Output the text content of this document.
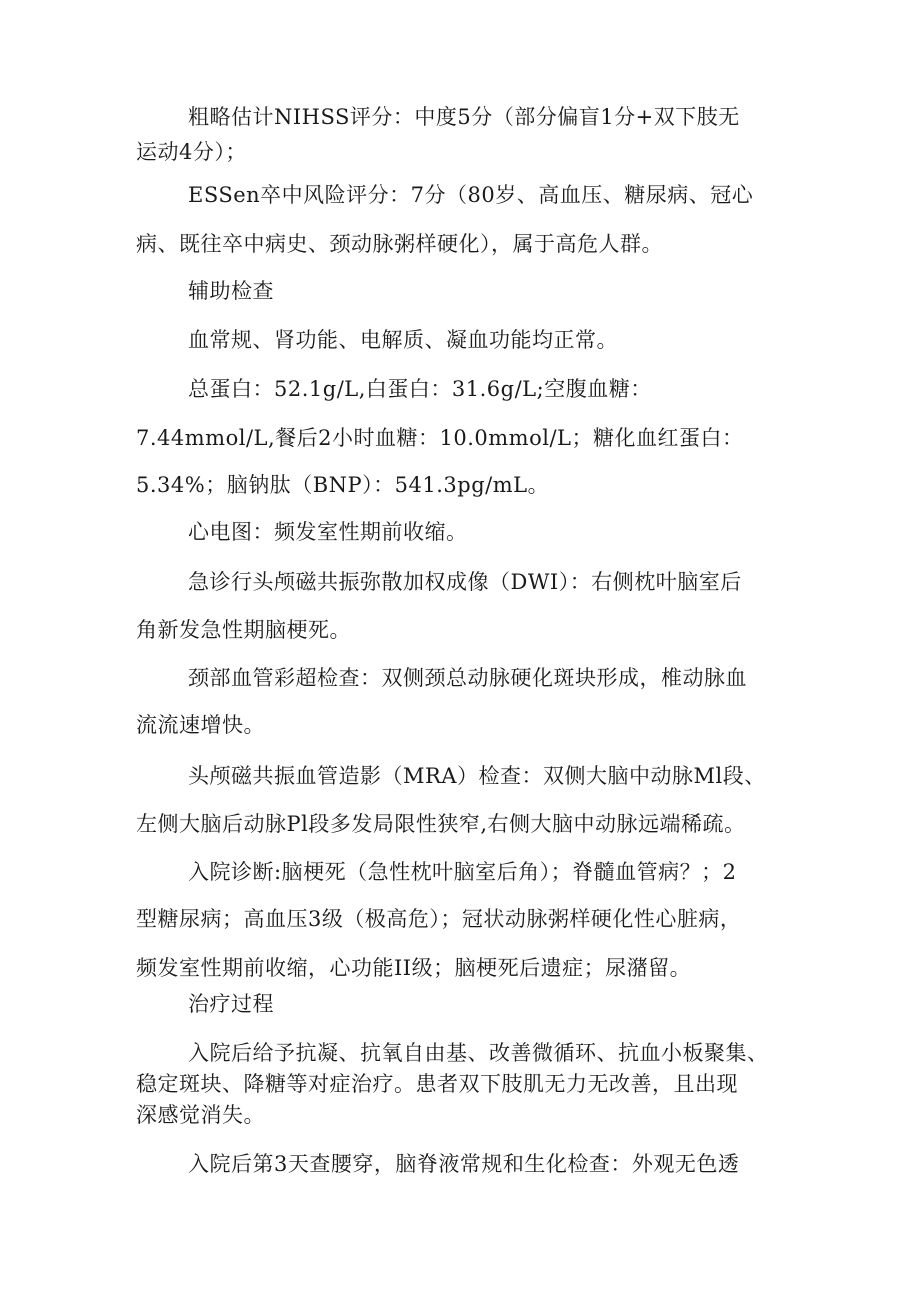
粗略估计NIHSS评分：中度5分（部分偏盲1分+双下肢无
运动4分）；
ESSen卒中风险评分：7分（80岁、高血压、糖尿病、冠心
病、既往卒中病史、颈动脉粥样硬化），属于高危人群。
辅助检查
血常规、肾功能、电解质、凝血功能均正常。
总蛋白：52.1g/L,白蛋白：31.6g/L;空腹血糖：
7.44mmol/L,餐后2小时血糖：10.0mmol/L；糖化血红蛋白：
5.34%；脑钠肽（BNP）：541.3pg/mL。
心电图：频发室性期前收缩。
急诊行头颅磁共振弥散加权成像（DWI）：右侧枕叶脑室后
角新发急性期脑梗死。
颈部血管彩超检查：双侧颈总动脉硬化斑块形成，椎动脉血
流流速增快。
头颅磁共振血管造影（MRA）检查：双侧大脑中动脉Ml段、
左侧大脑后动脉Pl段多发局限性狭窄,右侧大脑中动脉远端稀疏。
入院诊断:脑梗死（急性枕叶脑室后角）；脊髓血管病？；2
型糖尿病；高血压3级（极高危）；冠状动脉粥样硬化性心脏病，
频发室性期前收缩，心功能II级；脑梗死后遗症；尿潴留。
治疗过程
入院后给予抗凝、抗氧自由基、改善微循环、抗血小板聚集、
稳定斑块、降糖等对症治疗。患者双下肢肌无力无改善，且出现
深感觉消失。
入院后第3天查腰穿，脑脊液常规和生化检查：外观无色透
